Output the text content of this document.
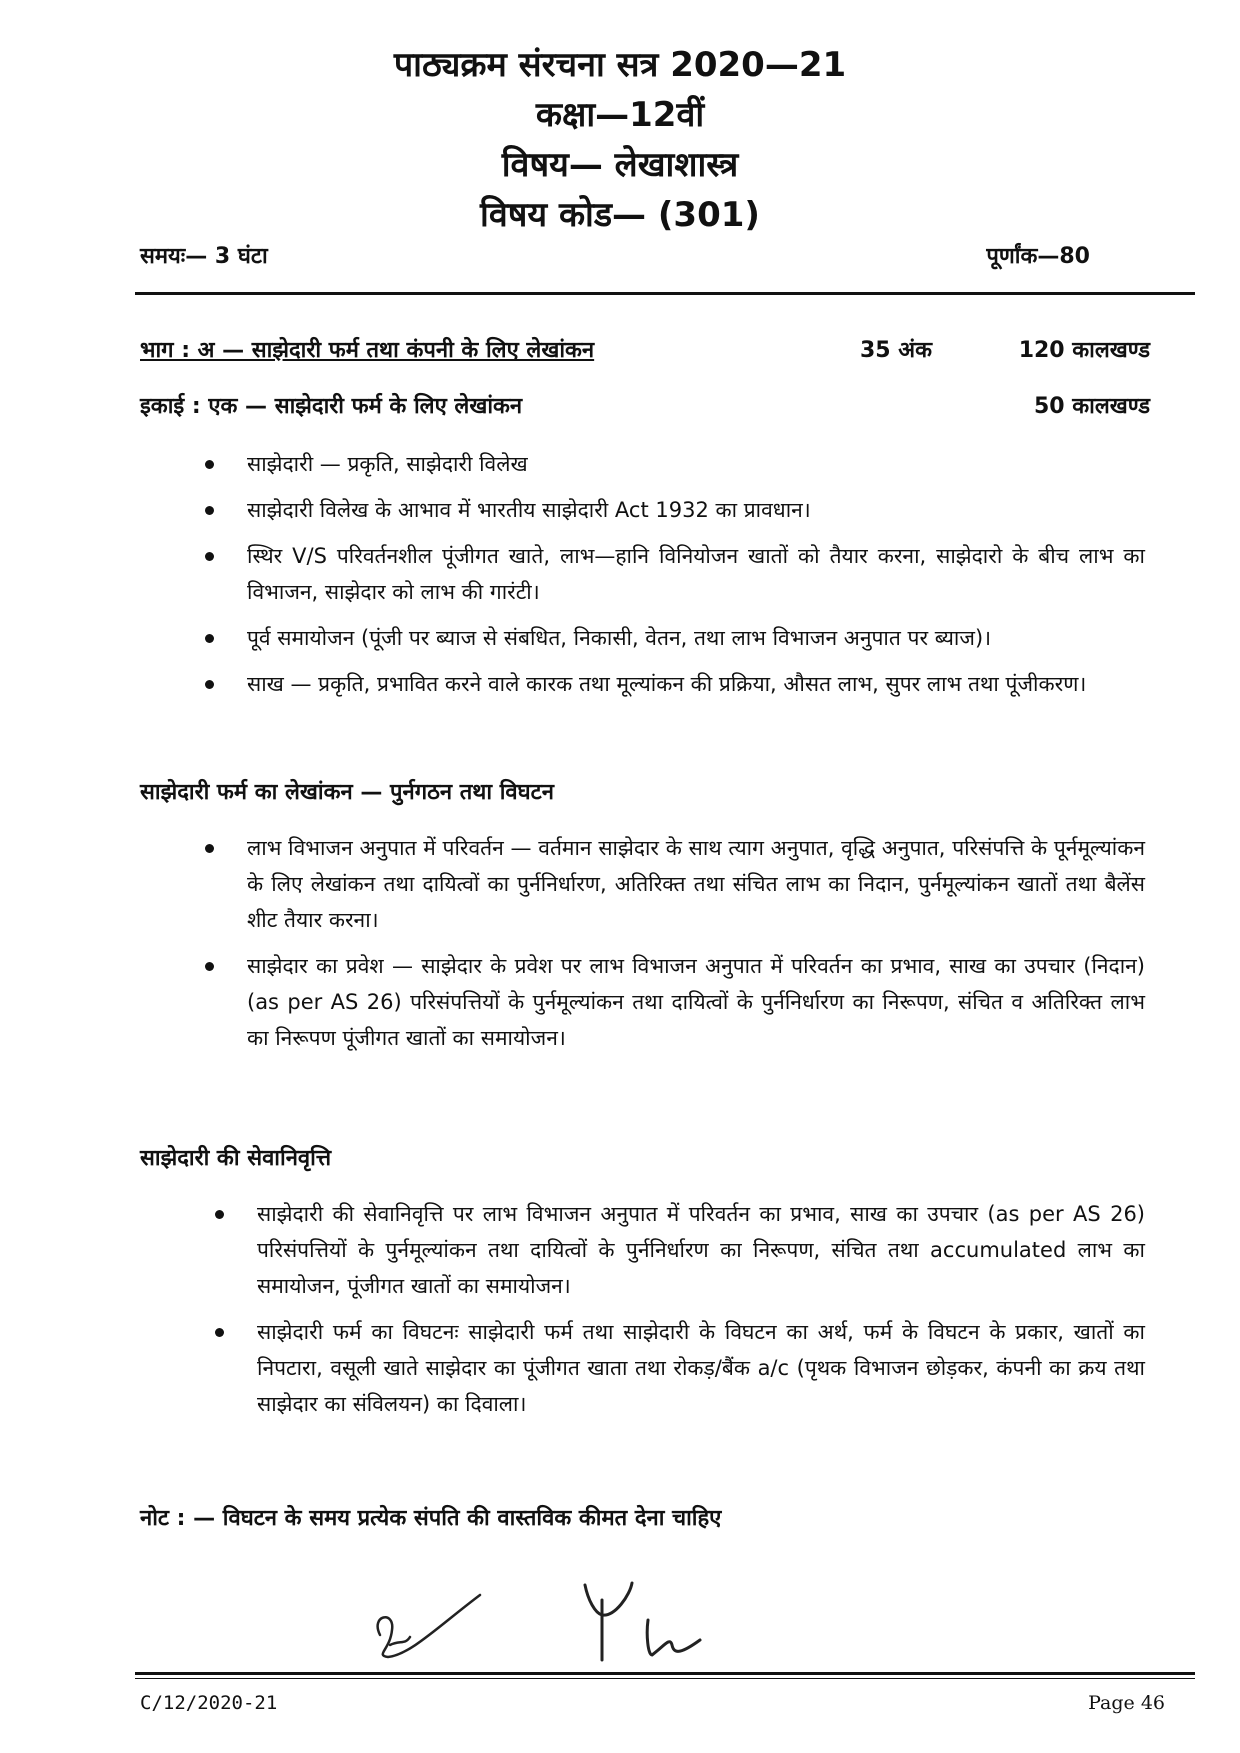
पाठ्यक्रम संरचना सत्र 2020—21

कक्षा—12वीं

विषय— लेखाशास्त्र

विषय कोड— (301)

समयः— 3 घंटा	पूर्णांक—80
भाग : अ — साझेदारी फर्म तथा कंपनी के लिए लेखांकन	35 अंक	120 कालखण्ड
इकाई : एक — साझेदारी फर्म के लिए लेखांकन	50 कालखण्ड
साझेदारी — प्रकृति, साझेदारी विलेख
साझेदारी विलेख के आभाव में भारतीय साझेदारी Act 1932 का प्रावधान।
स्थिर V/S परिवर्तनशील पूंजीगत खाते, लाभ—हानि विनियोजन खातों को तैयार करना, साझेदारो के बीच लाभ का विभाजन, साझेदार को लाभ की गारंटी।
पूर्व समायोजन (पूंजी पर ब्याज से संबधित, निकासी, वेतन, तथा लाभ विभाजन अनुपात पर ब्याज)।
साख — प्रकृति, प्रभावित करने वाले कारक तथा मूल्यांकन की प्रक्रिया, औसत लाभ, सुपर लाभ तथा पूंजीकरण।

साझेदारी फर्म का लेखांकन — पुर्नगठन तथा विघटन

लाभ विभाजन अनुपात में परिवर्तन — वर्तमान साझेदार के साथ त्याग अनुपात, वृद्धि अनुपात, परिसंपत्ति के पूर्नमूल्यांकन के लिए लेखांकन तथा दायित्वों का पुर्ननिर्धारण, अतिरिक्त तथा संचित लाभ का निदान, पुर्नमूल्यांकन खातों तथा बैलेंस शीट तैयार करना।
साझेदार का प्रवेश — साझेदार के प्रवेश पर लाभ विभाजन अनुपात में परिवर्तन का प्रभाव, साख का उपचार (निदान) (as per AS 26) परिसंपत्तियों के पुर्नमूल्यांकन तथा दायित्वों के पुर्ननिर्धारण का निरूपण, संचित व अतिरिक्त लाभ का निरूपण पूंजीगत खातों का समायोजन।

साझेदारी की सेवानिवृत्ति

साझेदारी की सेवानिवृत्ति पर लाभ विभाजन अनुपात में परिवर्तन का प्रभाव, साख का उपचार (as per AS 26) परिसंपत्तियों के पुर्नमूल्यांकन तथा दायित्वों के पुर्ननिर्धारण का निरूपण, संचित तथा accumulated लाभ का समायोजन, पूंजीगत खातों का समायोजन।
साझेदारी फर्म का विघटनः साझेदारी फर्म तथा साझेदारी के विघटन का अर्थ, फर्म के विघटन के प्रकार, खातों का निपटारा, वसूली खाते साझेदार का पूंजीगत खाता तथा रोकड़/बैंक a/c (पृथक विभाजन छोड़कर, कंपनी का क्रय तथा साझेदार का संविलयन) का दिवाला।

नोट : — विघटन के समय प्रत्येक संपति की वास्तविक कीमत देना चाहिए

C/12/2020-21	Page 46
